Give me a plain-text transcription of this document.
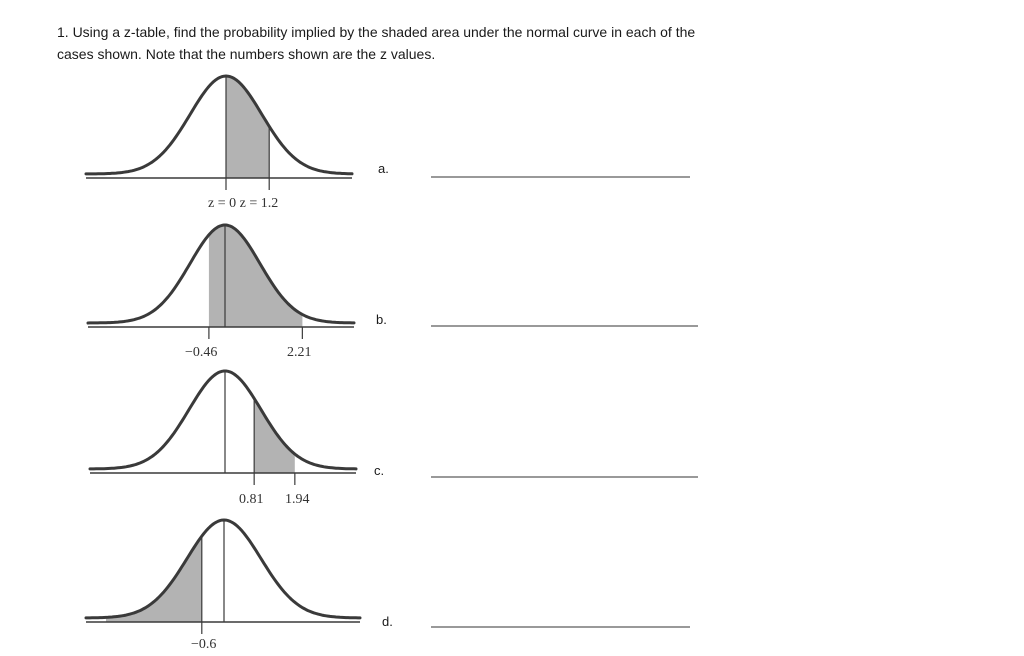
1. Using a z-table, find the probability implied by the shaded area under the normal curve in each of the
cases shown. Note that the numbers shown are the z values.

z = 0 z = 1.2
a.
−0.46	2.21
b.
0.81 1.94
c.
−0.6
d.
